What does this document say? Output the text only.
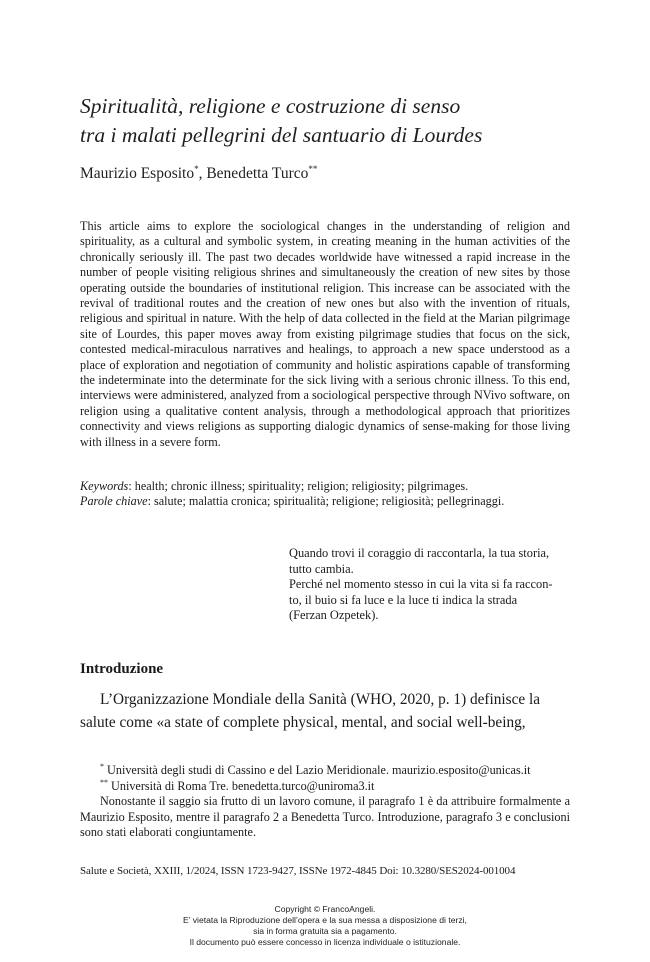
Spiritualità, religione e costruzione di senso
tra i malati pellegrini del santuario di Lourdes
Maurizio Esposito*, Benedetta Turco**
This article aims to explore the sociological changes in the understanding of religion and spirituality, as a cultural and symbolic system, in creating meaning in the human activities of the chronically seriously ill. The past two decades worldwide have witnessed a rapid increase in the number of people visiting religious shrines and simultaneously the creation of new sites by those operating outside the boundaries of institutional religion. This increase can be associated with the revival of traditional routes and the creation of new ones but also with the invention of rituals, religious and spiritual in nature. With the help of data collected in the field at the Marian pilgrimage site of Lourdes, this paper moves away from existing pilgrimage studies that focus on the sick, contested medical-miraculous narratives and healings, to approach a new space understood as a place of exploration and negotiation of community and holistic aspirations capable of transforming the indeterminate into the determinate for the sick living with a serious chronic illness. To this end, interviews were administered, analyzed from a sociological perspective through NVivo software, on religion using a qualitative content analysis, through a methodological approach that prioritizes connectivity and views religions as supporting dialogic dynamics of sense-making for those living with illness in a severe form.
Keywords: health; chronic illness; spirituality; religion; religiosity; pilgrimages.
Parole chiave: salute; malattia cronica; spiritualità; religione; religiosità; pellegrinaggi.
Quando trovi il coraggio di raccontarla, la tua storia,
tutto cambia.
Perché nel momento stesso in cui la vita si fa raccon-
to, il buio si fa luce e la luce ti indica la strada
(Ferzan Ozpetek).
Introduzione
L’Organizzazione Mondiale della Sanità (WHO, 2020, p. 1) definisce la
salute come «a state of complete physical, mental, and social well-being,
* Università degli studi di Cassino e del Lazio Meridionale. maurizio.esposito@unicas.it
** Università di Roma Tre. benedetta.turco@uniroma3.it
Nonostante il saggio sia frutto di un lavoro comune, il paragrafo 1 è da attribuire formalmente a Maurizio Esposito, mentre il paragrafo 2 a Benedetta Turco. Introduzione, paragrafo 3 e conclusioni sono stati elaborati congiuntamente.
Salute e Società, XXIII, 1/2024, ISSN 1723-9427, ISSNe 1972-4845 Doi: 10.3280/SES2024-001004
Copyright © FrancoAngeli.
E’ vietata la Riproduzione dell’opera e la sua messa a disposizione di terzi,
sia in forma gratuita sia a pagamento.
Il documento può essere concesso in licenza individuale o istituzionale.
